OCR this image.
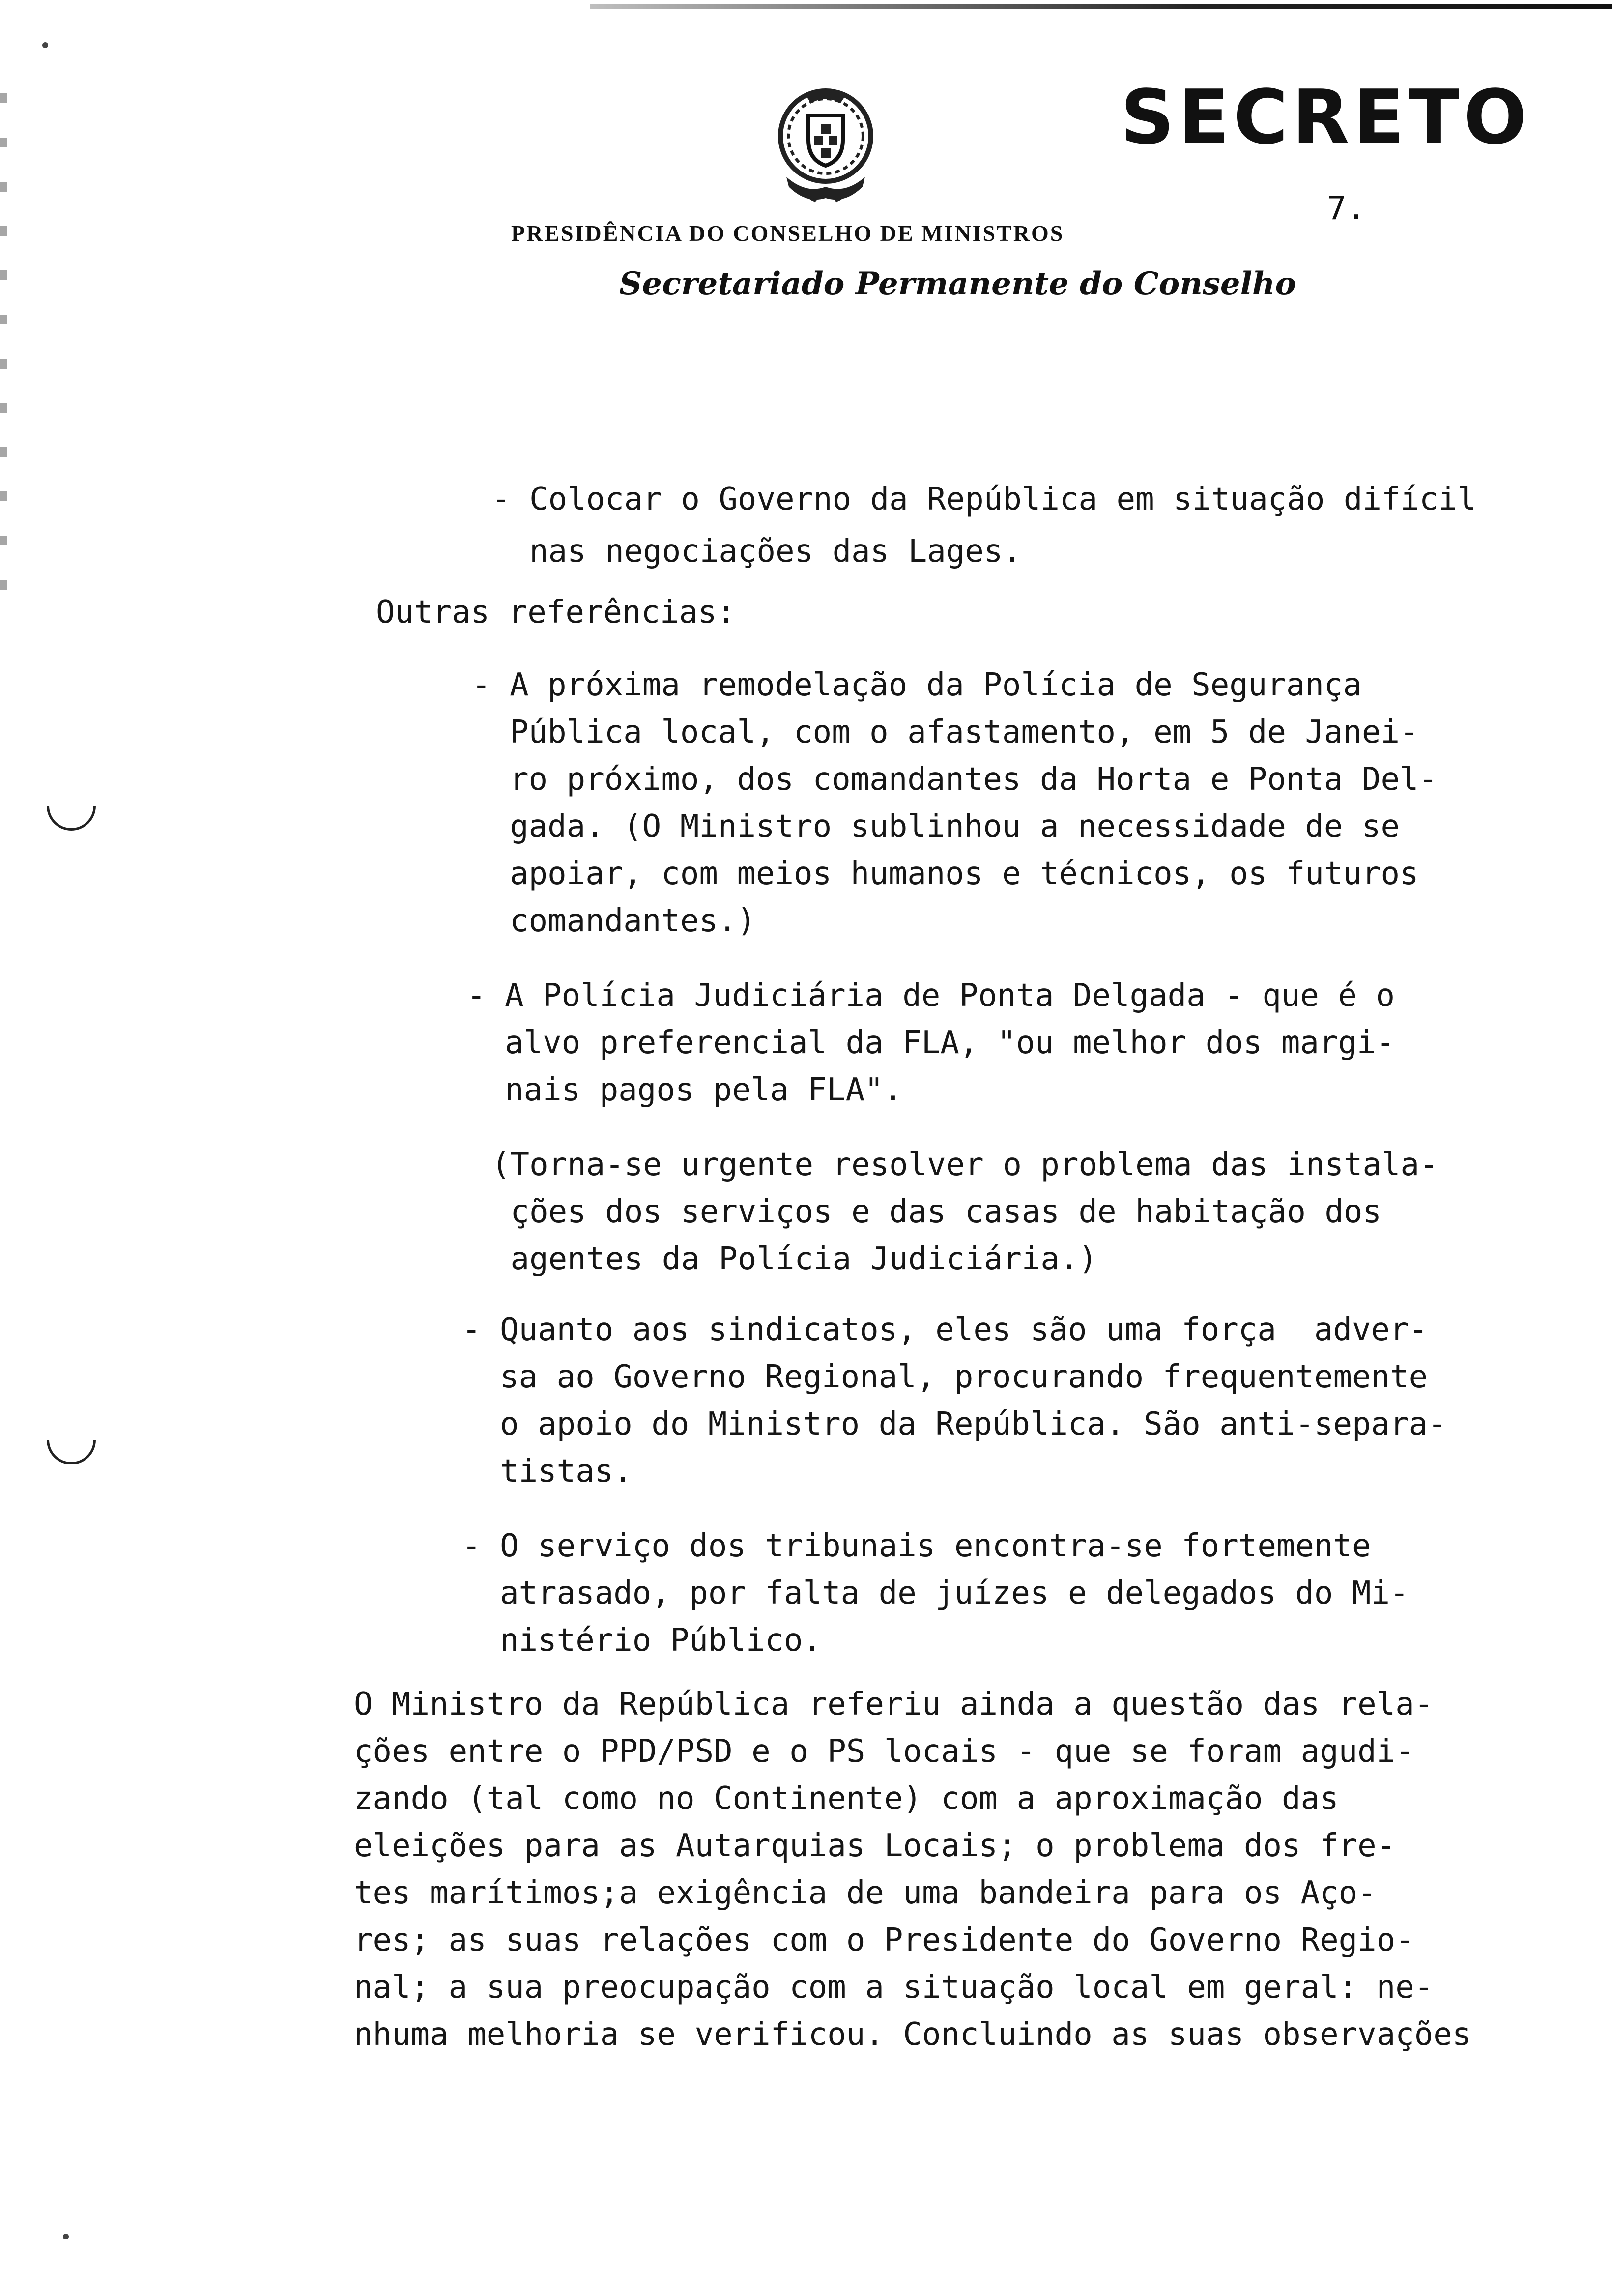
SECRETO
7.
PRESIDÊNCIA DO CONSELHO DE MINISTROS
Secretariado Permanente do Conselho
- Colocar o Governo da República em situação difícil
nas negociações das Lages.
Outras referências:
- A próxima remodelação da Polícia de Segurança
Pública local, com o afastamento, em 5 de Janei-
ro próximo, dos comandantes da Horta e Ponta Del-
gada. (O Ministro sublinhou a necessidade de se
apoiar, com meios humanos e técnicos, os futuros
comandantes.)
- A Polícia Judiciária de Ponta Delgada - que é o
alvo preferencial da FLA, "ou melhor dos margi-
nais pagos pela FLA".
(Torna-se urgente resolver o problema das instala-
ções dos serviços e das casas de habitação dos
agentes da Polícia Judiciária.)
- Quanto aos sindicatos, eles são uma força  adver-
sa ao Governo Regional, procurando frequentemente
o apoio do Ministro da República. São anti-separa-
tistas.
- O serviço dos tribunais encontra-se fortemente
atrasado, por falta de juízes e delegados do Mi-
nistério Público.
O Ministro da República referiu ainda a questão das rela-
ções entre o PPD/PSD e o PS locais - que se foram agudi-
zando (tal como no Continente) com a aproximação das
eleições para as Autarquias Locais; o problema dos fre-
tes marítimos;a exigência de uma bandeira para os Aço-
res; as suas relações com o Presidente do Governo Regio-
nal; a sua preocupação com a situação local em geral: ne-
nhuma melhoria se verificou. Concluindo as suas observações
